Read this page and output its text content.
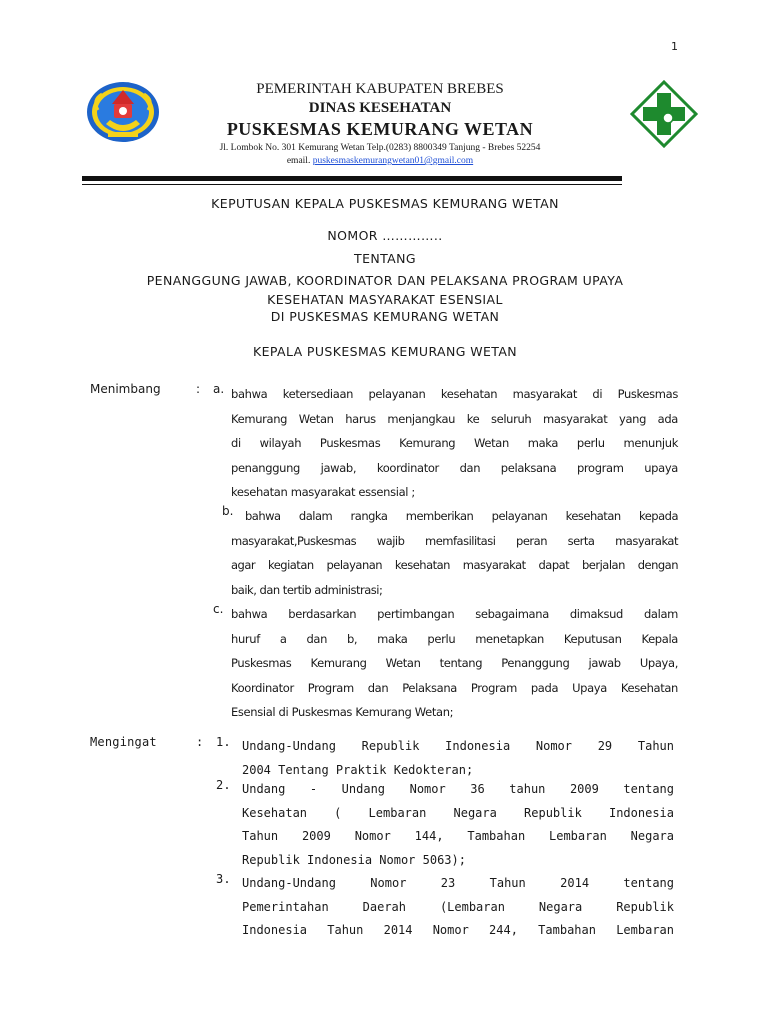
1
PEMERINTAH KABUPATEN BREBES
DINAS KESEHATAN
PUSKESMAS KEMURANG WETAN
Jl. Lombok No. 301 Kemurang Wetan Telp.(0283) 8800349 Tanjung - Brebes 52254
email. puskesmaskemurangwetan01@gmail.com
KEPUTUSAN KEPALA PUSKESMAS KEMURANG WETAN
NOMOR …………..
TENTANG
PENANGGUNG JAWAB, KOORDINATOR DAN PELAKSANA PROGRAM UPAYA
KESEHATAN MASYARAKAT ESENSIAL
DI PUSKESMAS KEMURANG WETAN
KEPALA PUSKESMAS KEMURANG WETAN
Menimbang	: a. bahwa ketersediaan pelayanan kesehatan masyarakat di Puskesmas
Kemurang Wetan harus menjangkau ke seluruh masyarakat yang ada
di wilayah Puskesmas Kemurang Wetan maka perlu menunjuk
penanggung jawab, koordinator dan pelaksana program upaya
kesehatan masyarakat essensial ;
b.	bahwa dalam rangka memberikan pelayanan kesehatan kepada
masyarakat,Puskesmas wajib memfasilitasi peran serta masyarakat
agar kegiatan pelayanan kesehatan masyarakat dapat berjalan dengan
baik, dan tertib administrasi;
c. bahwa berdasarkan pertimbangan sebagaimana dimaksud dalam
huruf a dan b, maka perlu menetapkan Keputusan Kepala
Puskesmas Kemurang Wetan tentang Penanggung jawab Upaya,
Koordinator Program dan Pelaksana Program pada Upaya Kesehatan
Esensial di Puskesmas Kemurang Wetan;
Mengingat	: 1. Undang-Undang Republik Indonesia Nomor 29 Tahun
2004 Tentang Praktik Kedokteran;
2. Undang - Undang Nomor 36 tahun 2009 tentang
Kesehatan ( Lembaran Negara Republik Indonesia
Tahun 2009 Nomor 144, Tambahan Lembaran Negara
Republik Indonesia Nomor 5063);
3. Undang-Undang Nomor 23 Tahun 2014 tentang
Pemerintahan Daerah (Lembaran Negara Republik
Indonesia Tahun 2014 Nomor 244, Tambahan Lembaran
